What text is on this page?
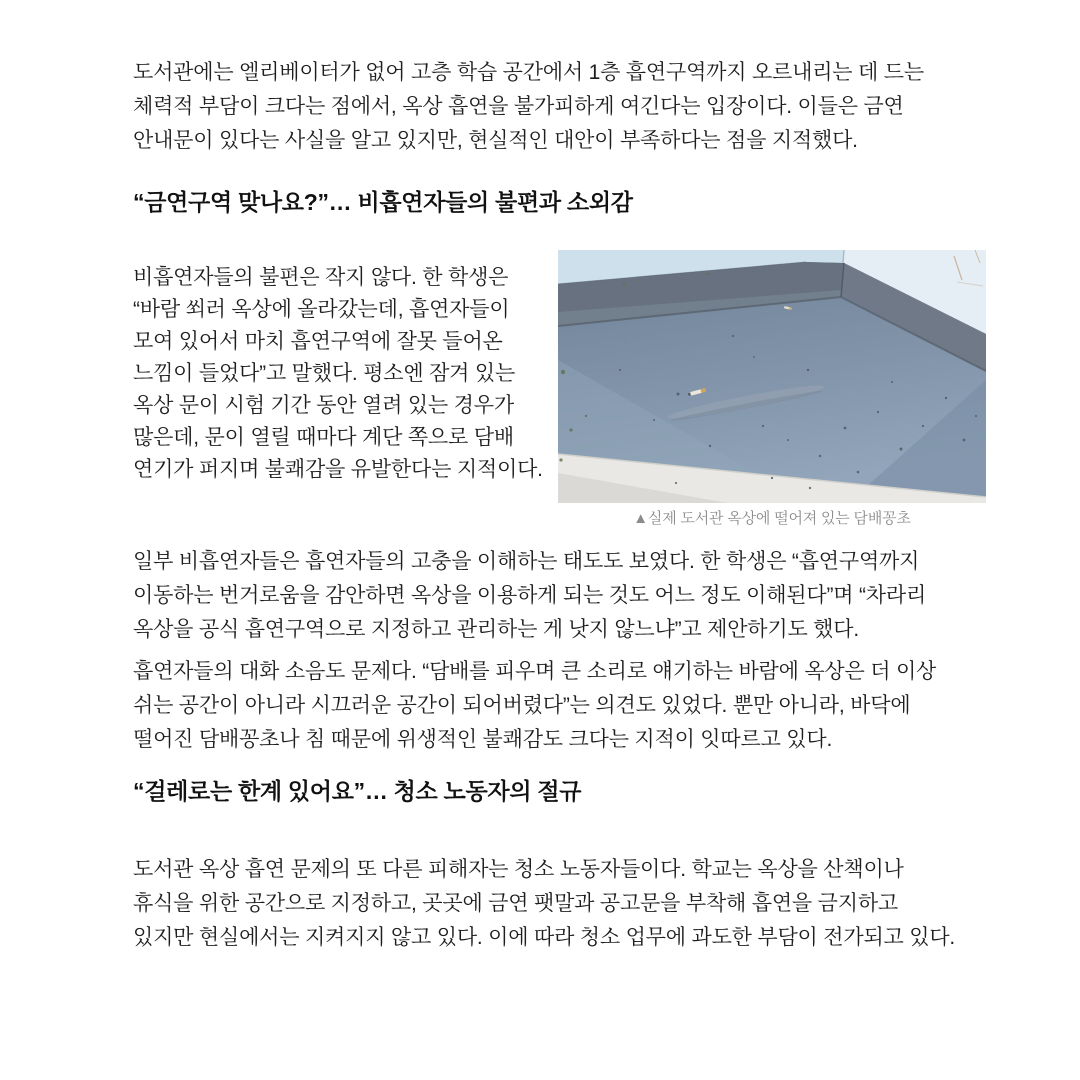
도서관에는 엘리베이터가 없어 고층 학습 공간에서 1층 흡연구역까지 오르내리는 데 드는 체력적 부담이 크다는 점에서, 옥상 흡연을 불가피하게 여긴다는 입장이다. 이들은 금연 안내문이 있다는 사실을 알고 있지만, 현실적인 대안이 부족하다는 점을 지적했다.

“금연구역 맞나요?”… 비흡연자들의 불편과 소외감

비흡연자들의 불편은 작지 않다. 한 학생은 “바람 쐬러 옥상에 올라갔는데, 흡연자들이 모여 있어서 마치 흡연구역에 잘못 들어온 느낌이 들었다”고 말했다. 평소엔 잠겨 있는 옥상 문이 시험 기간 동안 열려 있는 경우가 많은데, 문이 열릴 때마다 계단 쪽으로 담배 연기가 퍼지며 불쾌감을 유발한다는 지적이다.

▲실제 도서관 옥상에 떨어져 있는 담배꽁초

일부 비흡연자들은 흡연자들의 고충을 이해하는 태도도 보였다. 한 학생은 “흡연구역까지 이동하는 번거로움을 감안하면 옥상을 이용하게 되는 것도 어느 정도 이해된다”며 “차라리 옥상을 공식 흡연구역으로 지정하고 관리하는 게 낫지 않느냐”고 제안하기도 했다.

흡연자들의 대화 소음도 문제다. “담배를 피우며 큰 소리로 얘기하는 바람에 옥상은 더 이상 쉬는 공간이 아니라 시끄러운 공간이 되어버렸다”는 의견도 있었다. 뿐만 아니라, 바닥에 떨어진 담배꽁초나 침 때문에 위생적인 불쾌감도 크다는 지적이 잇따르고 있다.

“걸레로는 한계 있어요”… 청소 노동자의 절규

도서관 옥상 흡연 문제의 또 다른 피해자는 청소 노동자들이다. 학교는 옥상을 산책이나 휴식을 위한 공간으로 지정하고, 곳곳에 금연 팻말과 공고문을 부착해 흡연을 금지하고 있지만 현실에서는 지켜지지 않고 있다. 이에 따라 청소 업무에 과도한 부담이 전가되고 있다.
